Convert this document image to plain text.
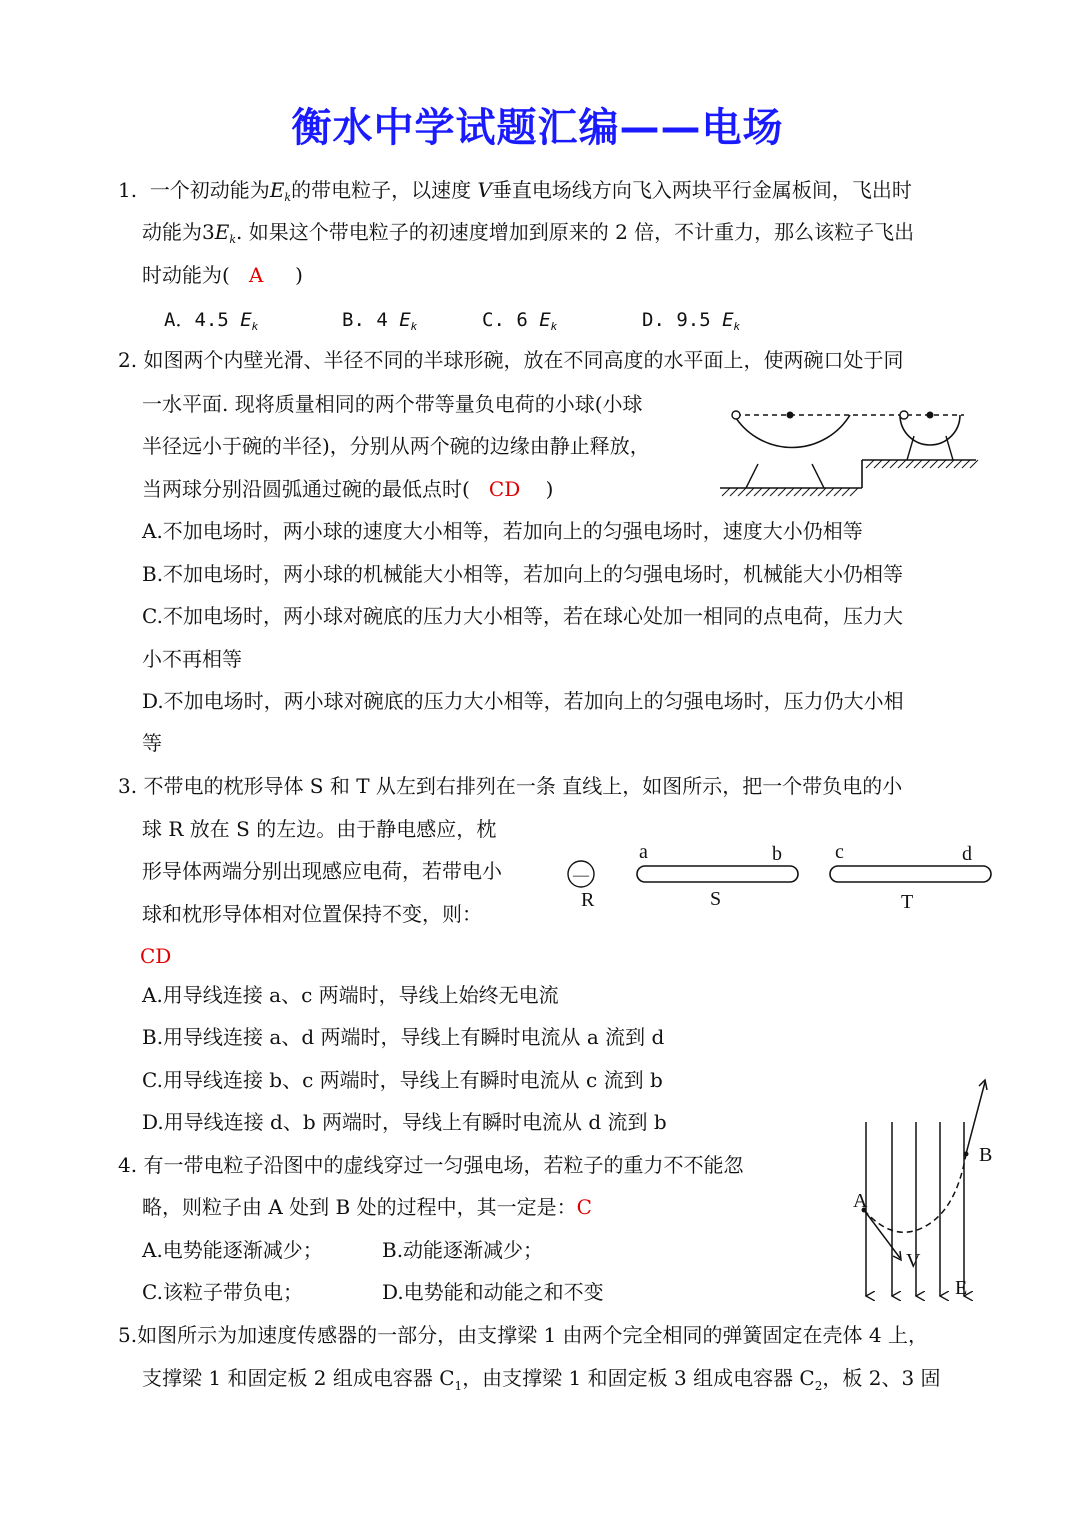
衡水中学试题汇编——电场
1. 一个初动能为$E_k$的带电粒子，以速度 V垂直电场线方向飞入两块平行金属板间，飞出时
动能为$3E_k$. 如果这个带电粒子的初速度增加到原来的 2 倍，不计重力，那么该粒子飞出
时动能为( A )
A．4.5 $E_k$	B. 4 $E_k$	C. 6 $E_k$	D. 9.5 $E_k$
2. 如图两个内壁光滑、半径不同的半球形碗，放在不同高度的水平面上，使两碗口处于同
一水平面. 现将质量相同的两个带等量负电荷的小球(小球
半径远小于碗的半径)，分别从两个碗的边缘由静止释放，
当两球分别沿圆弧通过碗的最低点时( CD )
A.不加电场时，两小球的速度大小相等，若加向上的匀强电场时，速度大小仍相等
B.不加电场时，两小球的机械能大小相等，若加向上的匀强电场时，机械能大小仍相等
C.不加电场时，两小球对碗底的压力大小相等，若在球心处加一相同的点电荷，压力大
小不再相等
D.不加电场时，两小球对碗底的压力大小相等，若加向上的匀强电场时，压力仍大小相
等
3. 不带电的枕形导体 S 和 T 从左到右排列在一条 直线上，如图所示，把一个带负电的小
球 R 放在 S 的左边。由于静电感应，枕
形导体两端分别出现感应电荷，若带电小
球和枕形导体相对位置保持不变，则：
CD
—
R
a	b
S
c	d
T
A.用导线连接 a、c 两端时，导线上始终无电流
B.用导线连接 a、d 两端时，导线上有瞬时电流从 a 流到 d
C.用导线连接 b、c 两端时，导线上有瞬时电流从 c 流到 b
D.用导线连接 d、b 两端时，导线上有瞬时电流从 d 流到 b
4. 有一带电粒子沿图中的虚线穿过一匀强电场，若粒子的重力不不能忽
略，则粒子由 A 处到 B 处的过程中，其一定是：C
A.电势能逐渐减少；	B.动能逐渐减少；
C.该粒子带负电；	D.电势能和动能之和不变
A
B
V
E
5.如图所示为加速度传感器的一部分，由支撑梁 1 由两个完全相同的弹簧固定在壳体 4 上，
支撑梁 1 和固定板 2 组成电容器 $C_1$，由支撑梁 1 和固定板 3 组成电容器 $C_2$，板 2、3 固
